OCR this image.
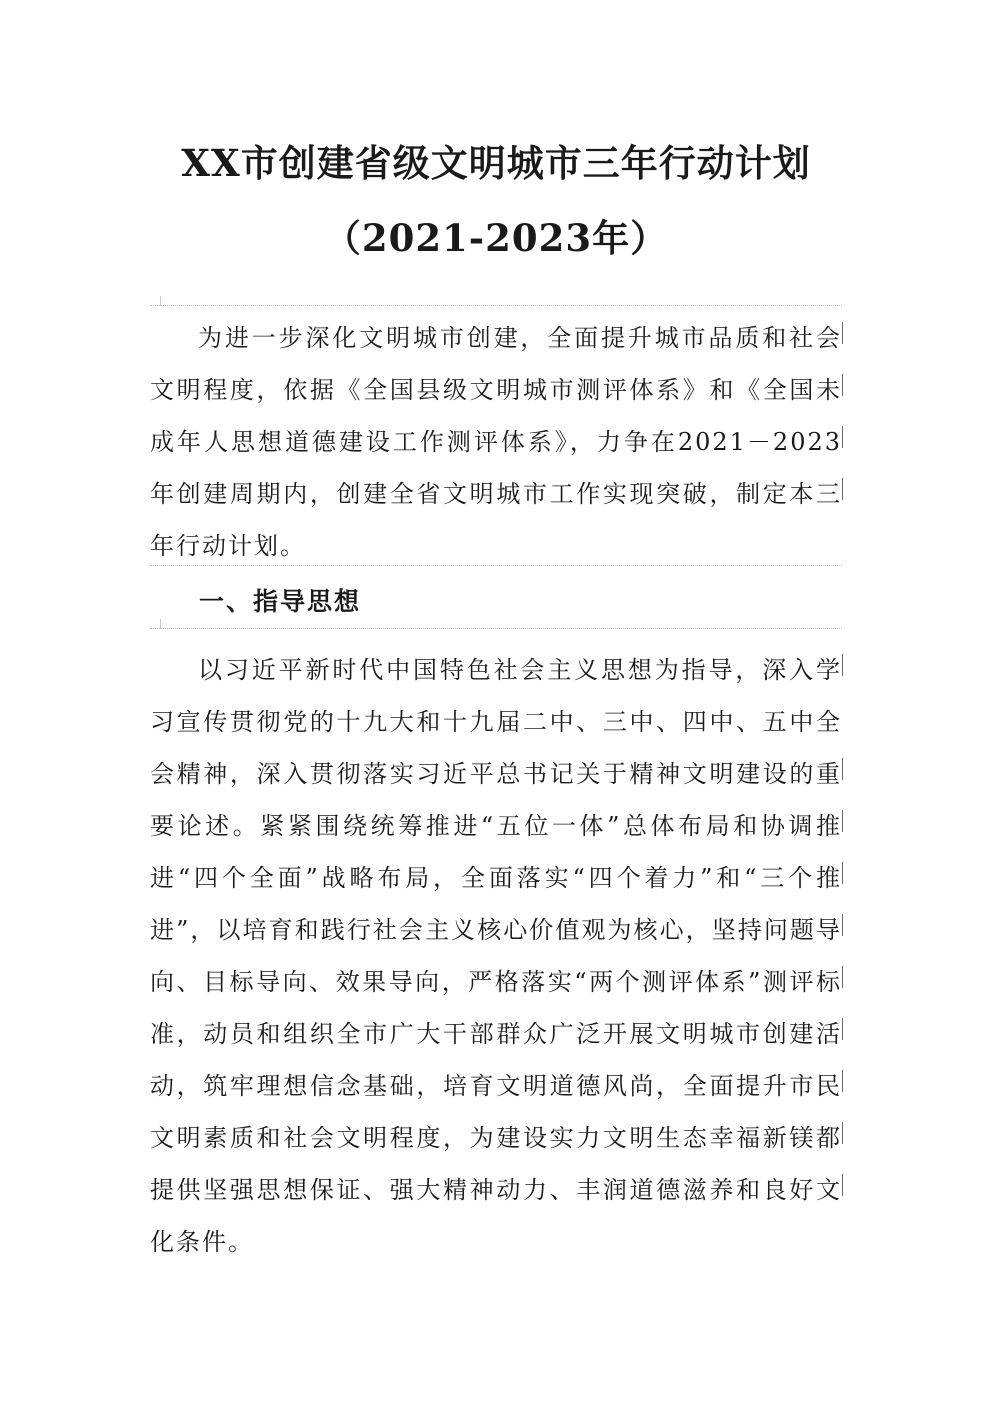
XX市创建省级文明城市三年行动计划
（2021-2023年）

为进一步深化文明城市创建，全面提升城市品质和社会文明程度，依据《全国县级文明城市测评体系》和《全国未成年人思想道德建设工作测评体系》，力争在2021－2023年创建周期内，创建全省文明城市工作实现突破，制定本三年行动计划。

一、指导思想

以习近平新时代中国特色社会主义思想为指导，深入学习宣传贯彻党的十九大和十九届二中、三中、四中、五中全会精神，深入贯彻落实习近平总书记关于精神文明建设的重要论述。紧紧围绕统筹推进“五位一体”总体布局和协调推进“四个全面”战略布局，全面落实“四个着力”和“三个推进”，以培育和践行社会主义核心价值观为核心，坚持问题导向、目标导向、效果导向，严格落实“两个测评体系”测评标准，动员和组织全市广大干部群众广泛开展文明城市创建活动，筑牢理想信念基础，培育文明道德风尚，全面提升市民文明素质和社会文明程度，为建设实力文明生态幸福新镁都提供坚强思想保证、强大精神动力、丰润道德滋养和良好文化条件。
